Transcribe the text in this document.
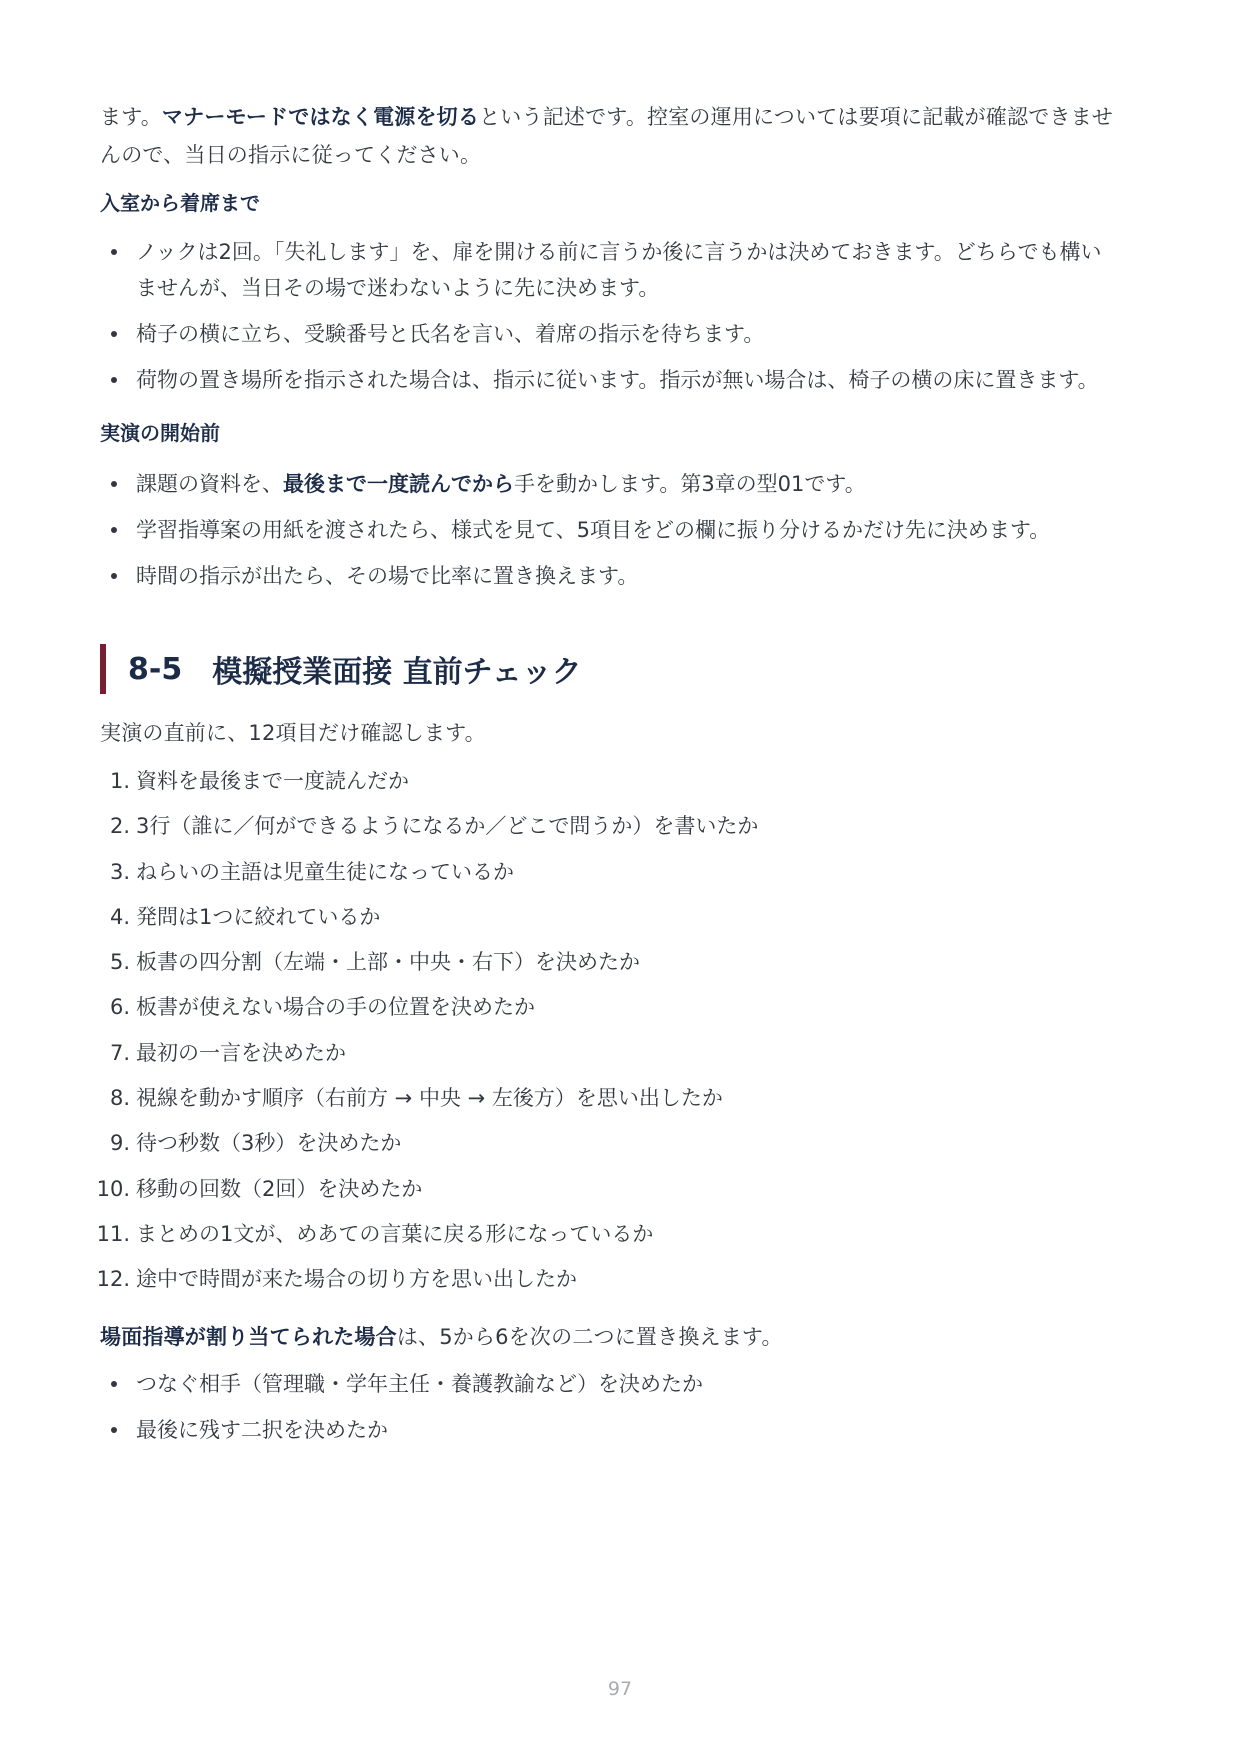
ます。マナーモードではなく電源を切るという記述です。控室の運用については要項に記載が確認できませ
んので、当日の指示に従ってください。

入室から着席まで
ノックは2回。「失礼します」を、扉を開ける前に言うか後に言うかは決めておきます。どちらでも構い
ませんが、当日その場で迷わないように先に決めます。
椅子の横に立ち、受験番号と氏名を言い、着席の指示を待ちます。
荷物の置き場所を指示された場合は、指示に従います。指示が無い場合は、椅子の横の床に置きます。
実演の開始前
課題の資料を、最後まで一度読んでから手を動かします。第3章の型01です。
学習指導案の用紙を渡されたら、様式を見て、5項目をどの欄に振り分けるかだけ先に決めます。
時間の指示が出たら、その場で比率に置き換えます。
8-5 模擬授業面接 直前チェック

実演の直前に、12項目だけ確認します。

1. 資料を最後まで一度読んだか
2. 3行（誰に／何ができるようになるか／どこで問うか）を書いたか
3. ねらいの主語は児童生徒になっているか
4. 発問は1つに絞れているか
5. 板書の四分割（左端・上部・中央・右下）を決めたか
6. 板書が使えない場合の手の位置を決めたか
7. 最初の一言を決めたか
8. 視線を動かす順序（右前方 → 中央 → 左後方）を思い出したか
9. 待つ秒数（3秒）を決めたか
10. 移動の回数（2回）を決めたか
11. まとめの1文が、めあての言葉に戻る形になっているか
12. 途中で時間が来た場合の切り方を思い出したか

場面指導が割り当てられた場合は、5から6を次の二つに置き換えます。

つなぐ相手（管理職・学年主任・養護教諭など）を決めたか
最後に残す二択を決めたか
97
